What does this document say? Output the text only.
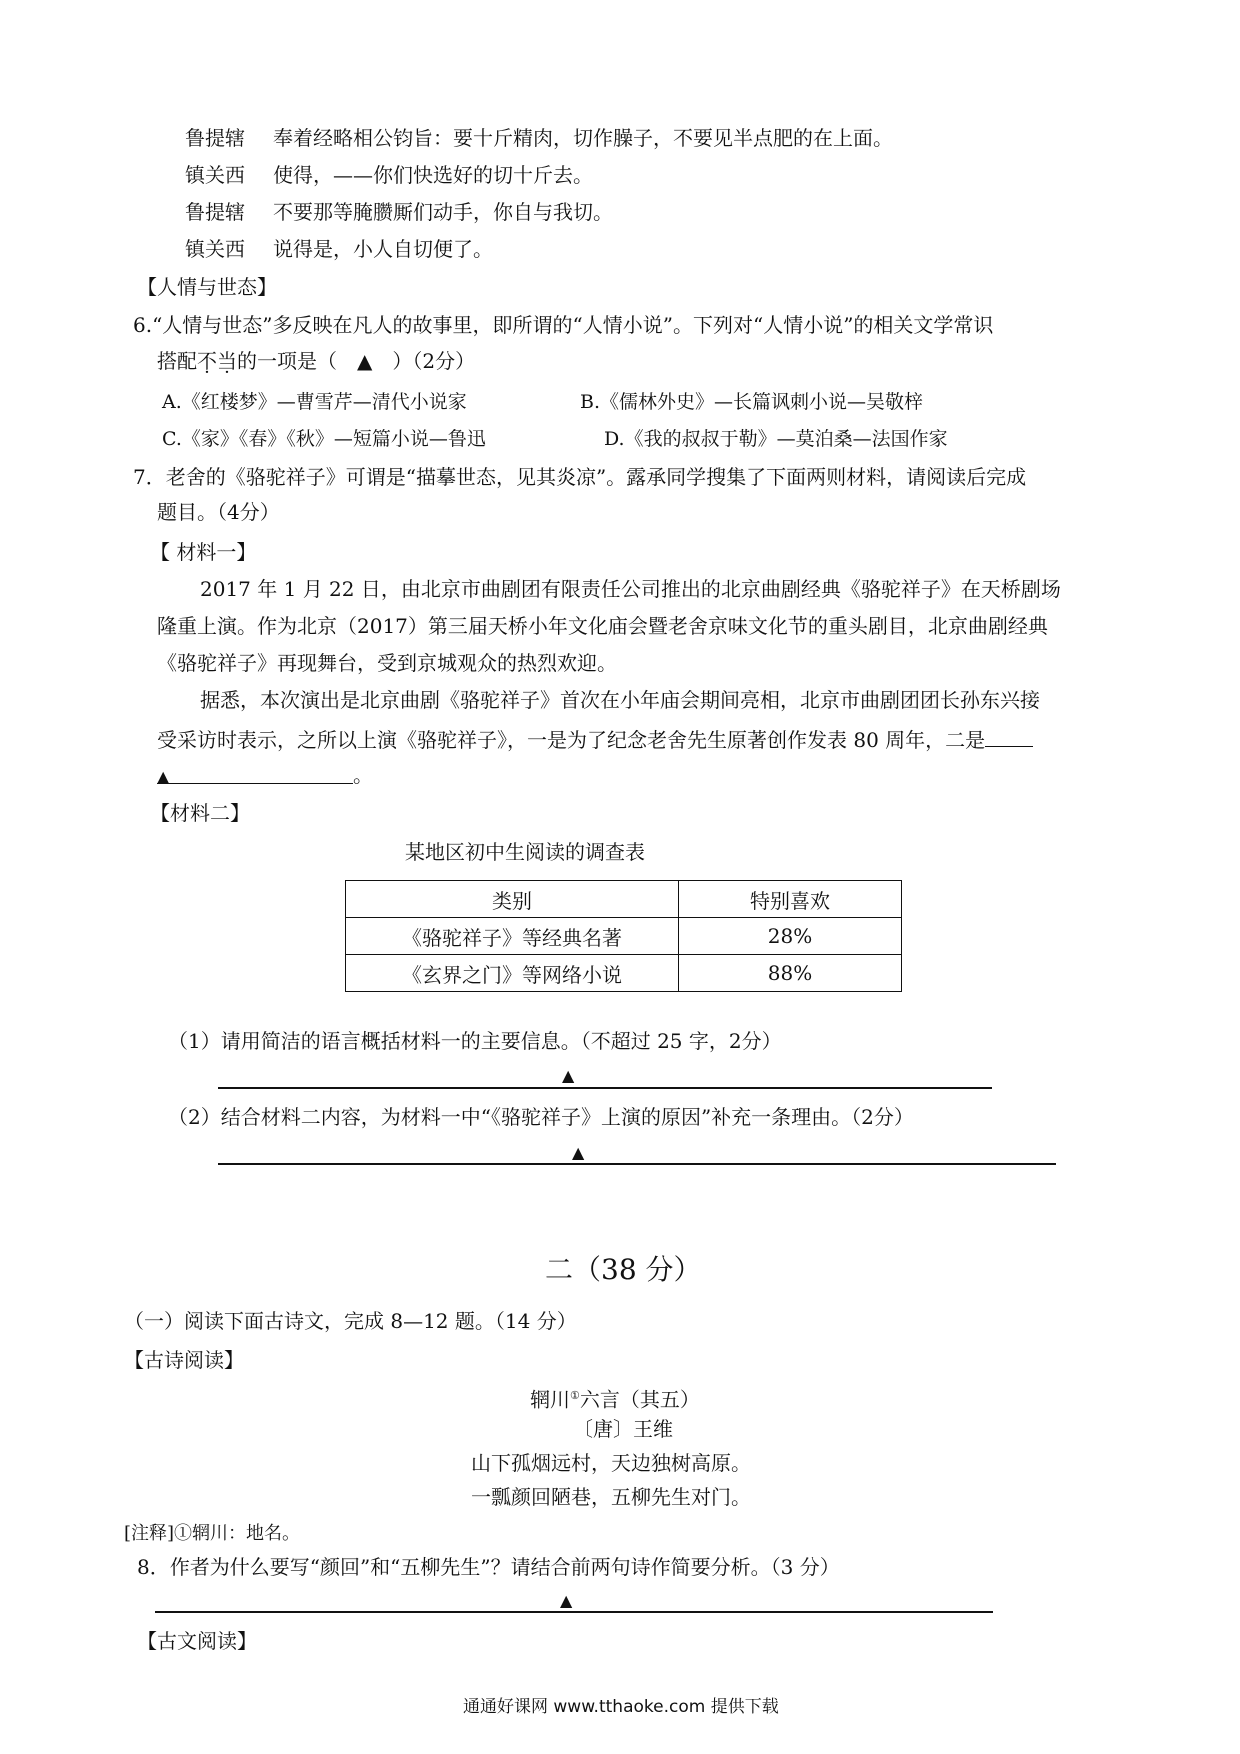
鲁提辖 奉着经略相公钧旨：要十斤精肉，切作臊子，不要见半点肥的在上面。
镇关西 使得，——你们快选好的切十斤去。
鲁提辖 不要那等腌臜厮们动手，你自与我切。
镇关西 说得是，小人自切便了。
【人情与世态】
6.“人情与世态”多反映在凡人的故事里，即所谓的“人情小说”。下列对“人情小说”的相关文学常识
搭配不当的一项是（　▲　）（2分）
A.《红楼梦》—曹雪芹—清代小说家	B.《儒林外史》—长篇讽刺小说—吴敬梓
C.《家》《春》《秋》—短篇小说—鲁迅	D.《我的叔叔于勒》—莫泊桑—法国作家
7．老舍的《骆驼祥子》可谓是“描摹世态，见其炎凉”。露承同学搜集了下面两则材料，请阅读后完成
题目。（4分）
【 材料一】
2017 年 1 月 22 日，由北京市曲剧团有限责任公司推出的北京曲剧经典《骆驼祥子》在天桥剧场
隆重上演。作为北京（2017）第三届天桥小年文化庙会暨老舍京味文化节的重头剧目，北京曲剧经典
《骆驼祥子》再现舞台，受到京城观众的热烈欢迎。
据悉，本次演出是北京曲剧《骆驼祥子》首次在小年庙会期间亮相，北京市曲剧团团长孙东兴接
受采访时表示，之所以上演《骆驼祥子》，一是为了纪念老舍先生原著创作发表 80 周年，二是
▲	。
【材料二】
某地区初中生阅读的调查表
类别	特别喜欢
《骆驼祥子》等经典名著	28%
《玄界之门》等网络小说	88%
（1）请用简洁的语言概括材料一的主要信息。（不超过 25 字，2分）
▲
（2）结合材料二内容，为材料一中“《骆驼祥子》上演的原因”补充一条理由。（2分）
▲
二（38 分）
（一）阅读下面古诗文，完成 8—12 题。（14 分）
【古诗阅读】
辋川①六言（其五）
〔唐〕王维
山下孤烟远村，天边独树高原。
一瓢颜回陋巷，五柳先生对门。
[注释]①辋川：地名。
8．作者为什么要写“颜回”和“五柳先生”？请结合前两句诗作简要分析。（3 分）
▲
【古文阅读】
通通好课网 www.tthaoke.com 提供下载
